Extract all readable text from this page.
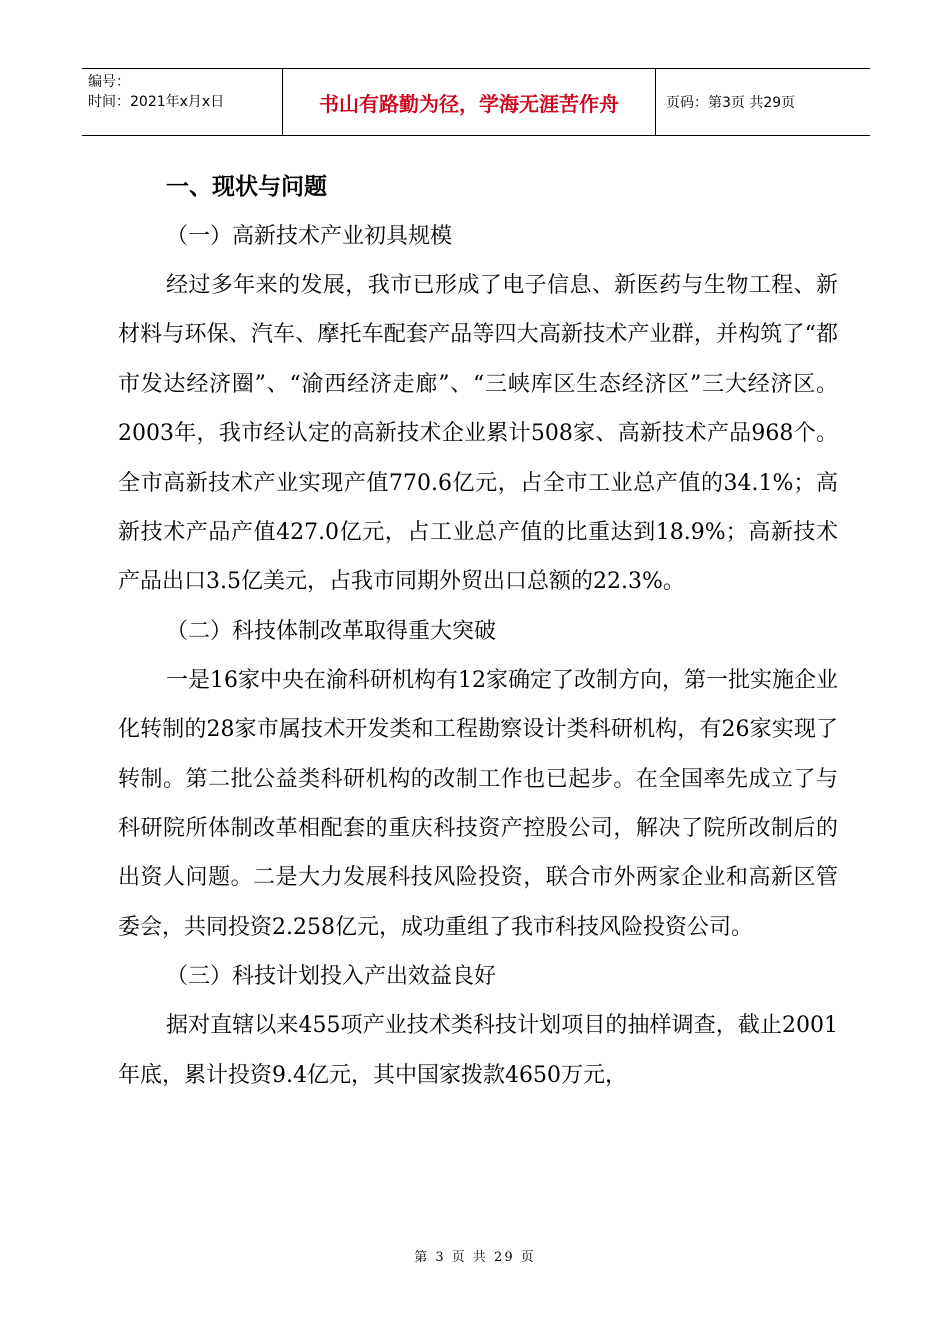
编号：
时间：2021年x月x日	书山有路勤为径，学海无涯苦作舟	页码：第3页 共29页
一、现状与问题

（一）高新技术产业初具规模

经过多年来的发展，我市已形成了电子信息、新医药与生物工程、新材料与环保、汽车、摩托车配套产品等四大高新技术产业群，并构筑了“都市发达经济圈”、“渝西经济走廊”、“三峡库区生态经济区”三大经济区。2003年，我市经认定的高新技术企业累计508家、高新技术产品968个。全市高新技术产业实现产值770.6亿元，占全市工业总产值的34.1%；高新技术产品产值427.0亿元，占工业总产值的比重达到18.9%；高新技术产品出口3.5亿美元，占我市同期外贸出口总额的22.3%。

（二）科技体制改革取得重大突破

一是16家中央在渝科研机构有12家确定了改制方向，第一批实施企业化转制的28家市属技术开发类和工程勘察设计类科研机构，有26家实现了转制。第二批公益类科研机构的改制工作也已起步。在全国率先成立了与科研院所体制改革相配套的重庆科技资产控股公司，解决了院所改制后的出资人问题。二是大力发展科技风险投资，联合市外两家企业和高新区管委会，共同投资2.258亿元，成功重组了我市科技风险投资公司。

（三）科技计划投入产出效益良好

据对直辖以来455项产业技术类科技计划项目的抽样调查，截止2001年底，累计投资9.4亿元，其中国家拨款4650万元，

第 3 页 共 29 页
